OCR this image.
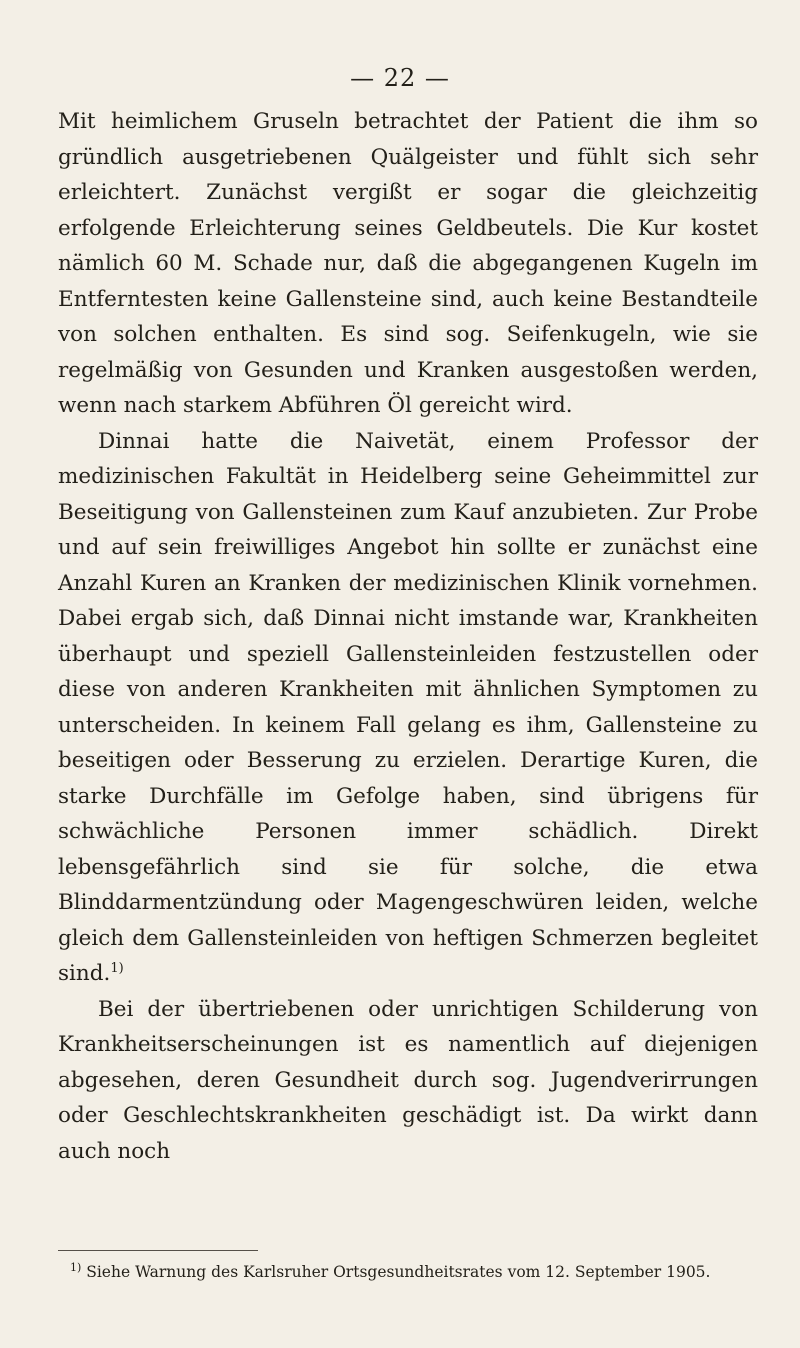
— 22 —

Mit heimlichem Gruseln betrachtet der Patient die ihm so gründlich ausgetriebenen Quälgeister und fühlt sich sehr erleichtert. Zunächst vergißt er sogar die gleichzeitig erfolgende Erleichterung seines Geldbeutels. Die Kur kostet nämlich 60 M. Schade nur, daß die abgegangenen Kugeln im Entferntesten keine Gallensteine sind, auch keine Bestandteile von solchen enthalten. Es sind sog. Seifenkugeln, wie sie regelmäßig von Gesunden und Kranken ausgestoßen werden, wenn nach starkem Abführen Öl gereicht wird.

Dinnai hatte die Naivetät, einem Professor der medizinischen Fakultät in Heidelberg seine Geheimmittel zur Beseitigung von Gallensteinen zum Kauf anzubieten. Zur Probe und auf sein freiwilliges Angebot hin sollte er zunächst eine Anzahl Kuren an Kranken der medizinischen Klinik vornehmen. Dabei ergab sich, daß Dinnai nicht imstande war, Krankheiten überhaupt und speziell Gallensteinleiden festzustellen oder diese von anderen Krankheiten mit ähnlichen Symptomen zu unterscheiden. In keinem Fall gelang es ihm, Gallensteine zu beseitigen oder Besserung zu erzielen. Derartige Kuren, die starke Durchfälle im Gefolge haben, sind übrigens für schwächliche Personen immer schädlich. Direkt lebensgefährlich sind sie für solche, die etwa Blinddarmentzündung oder Magengeschwüren leiden, welche gleich dem Gallensteinleiden von heftigen Schmerzen begleitet sind.$^{1)}$

Bei der übertriebenen oder unrichtigen Schilderung von Krankheitserscheinungen ist es namentlich auf diejenigen abgesehen, deren Gesundheit durch sog. Jugendverirrungen oder Geschlechtskrankheiten geschädigt ist. Da wirkt dann auch noch

$^{1)}$ Siehe Warnung des Karlsruher Ortsgesundheitsrates vom 12. September 1905.
